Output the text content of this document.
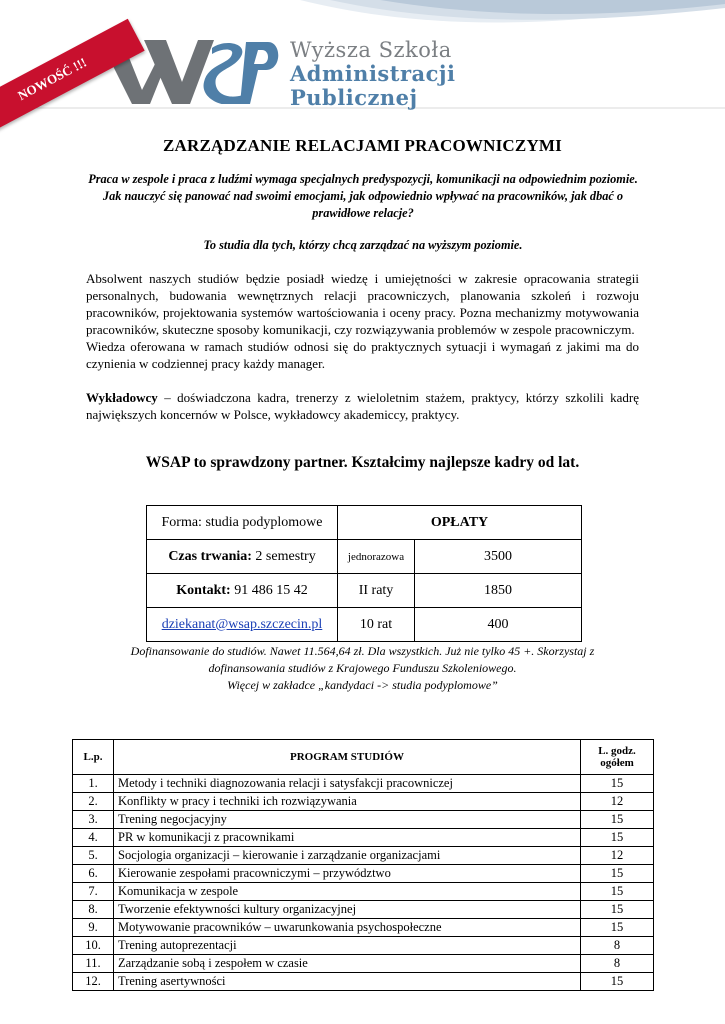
Wyższa Szkoła
Administracji
Publicznej
NOWOŚĆ !!!
ZARZĄDZANIE RELACJAMI PRACOWNICZYMI
Praca w zespole i praca z ludźmi wymaga specjalnych predyspozycji, komunikacji na odpowiednim poziomie. Jak nauczyć się panować nad swoimi emocjami, jak odpowiednio wpływać na pracowników, jak dbać o prawidłowe relacje?
To studia dla tych, którzy chcą zarządzać na wyższym poziomie.

Absolwent naszych studiów będzie posiadł wiedzę i umiejętności w zakresie opracowania strategii personalnych, budowania wewnętrznych relacji pracowniczych, planowania szkoleń i rozwoju pracowników, projektowania systemów wartościowania i oceny pracy. Pozna mechanizmy motywowania pracowników, skuteczne sposoby komunikacji, czy rozwiązywania problemów w zespole pracowniczym.

Wiedza oferowana w ramach studiów odnosi się do praktycznych sytuacji i wymagań z jakimi ma do czynienia w codziennej pracy każdy manager.

Wykładowcy – doświadczona kadra, trenerzy z wieloletnim stażem, praktycy, którzy szkolili kadrę największych koncernów w Polsce, wykładowcy akademiccy, praktycy.

WSAP to sprawdzony partner. Kształcimy najlepsze kadry od lat.
Forma: studia podyplomowe	OPŁATY	
Czas trwania: 2 semestry	jednorazowa	3500
Kontakt: 91 486 15 42	II raty	1850
dziekanat@wsap.szczecin.pl	10 rat	400
Dofinansowanie do studiów. Nawet 11.564,64 zł. Dla wszystkich. Już nie tylko 45 +. Skorzystaj z
dofinansowania studiów z Krajowego Funduszu Szkoleniowego.
Więcej w zakładce „kandydaci -> studia podyplomowe”
L.p.	PROGRAM STUDIÓW	L. godz.
ogółem
1.	Metody i techniki diagnozowania relacji i satysfakcji pracowniczej	15
2.	Konflikty w pracy i techniki ich rozwiązywania	12
3.	Trening negocjacyjny	15
4.	PR w komunikacji z pracownikami	15
5.	Socjologia organizacji – kierowanie i zarządzanie organizacjami	12
6.	Kierowanie zespołami pracowniczymi – przywództwo	15
7.	Komunikacja w zespole	15
8.	Tworzenie efektywności kultury organizacyjnej	15
9.	Motywowanie pracowników – uwarunkowania psychospołeczne	15
10.	Trening autoprezentacji	8
11.	Zarządzanie sobą i zespołem w czasie	8
12.	Trening asertywności	15
